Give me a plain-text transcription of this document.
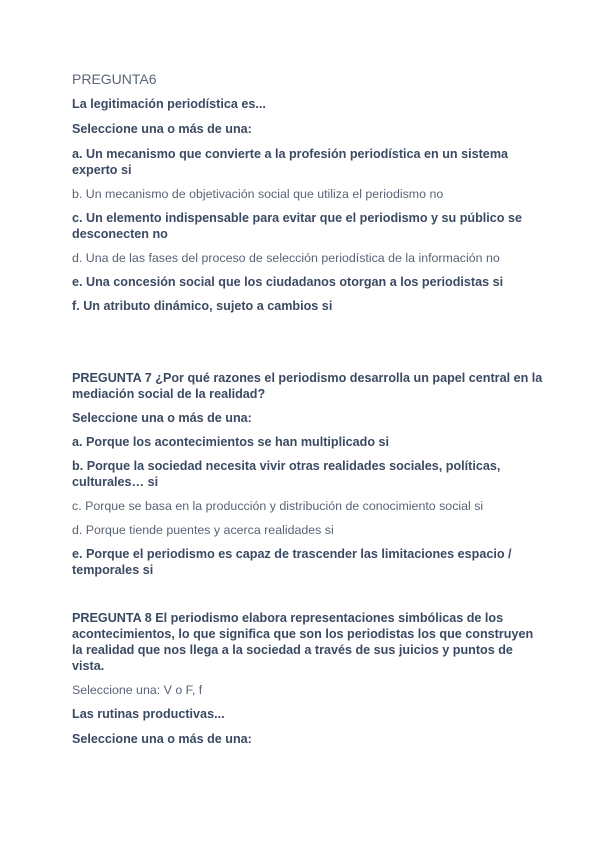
PREGUNTA6
La legitimación periodística es...
Seleccione una o más de una:
a. Un mecanismo que convierte a la profesión periodística en un sistema
experto si
b. Un mecanismo de objetivación social que utiliza el periodismo no
c. Un elemento indispensable para evitar que el periodismo y su público se
desconecten no
d. Una de las fases del proceso de selección periodística de la información no
e. Una concesión social que los ciudadanos otorgan a los periodistas si
f. Un atributo dinámico, sujeto a cambios si
PREGUNTA 7 ¿Por qué razones el periodismo desarrolla un papel central en la
mediación social de la realidad?
Seleccione una o más de una:
a. Porque los acontecimientos se han multiplicado si
b. Porque la sociedad necesita vivir otras realidades sociales, políticas,
culturales… si
c. Porque se basa en la producción y distribución de conocimiento social si
d. Porque tiende puentes y acerca realidades si
e. Porque el periodismo es capaz de trascender las limitaciones espacio /
temporales si
PREGUNTA 8 El periodismo elabora representaciones simbólicas de los
acontecimientos, lo que significa que son los periodistas los que construyen
la realidad que nos llega a la sociedad a través de sus juicios y puntos de
vista.
Seleccione una: V o F, f
Las rutinas productivas...
Seleccione una o más de una:
